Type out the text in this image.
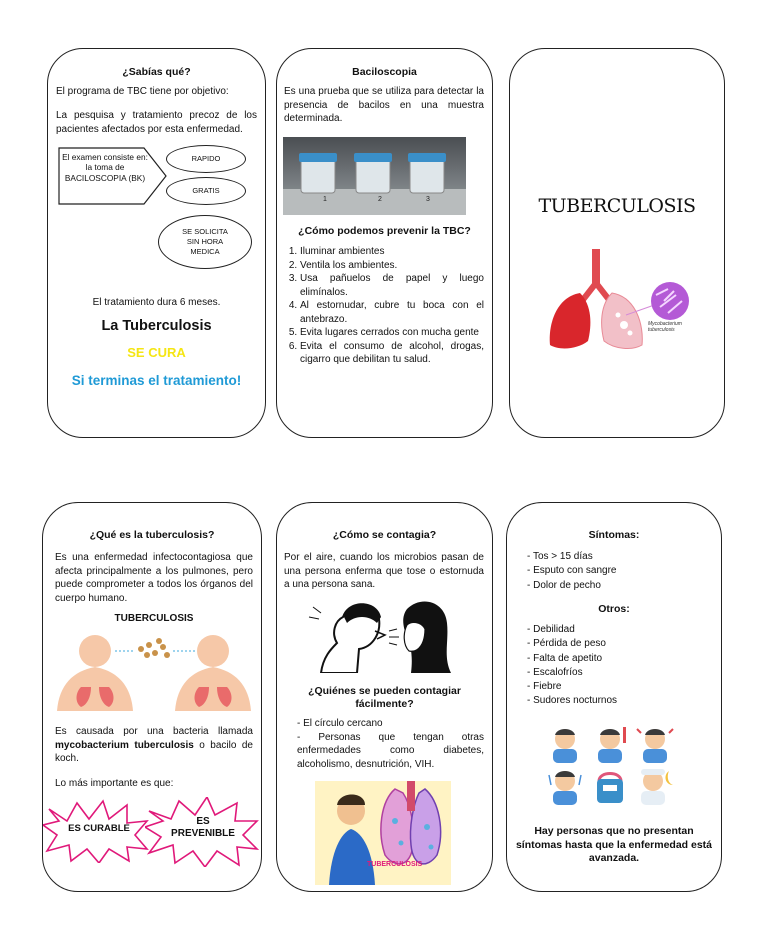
¿Sabías qué?
El programa de TBC tiene por objetivo:
La pesquisa y tratamiento precoz de los pacientes afectados por esta enfermedad.
El examen consiste en: la toma de BACILOSCOPIA (BK)
RAPIDO
GRATIS
SE SOLICITA SIN HORA MEDICA
El tratamiento dura 6 meses.
La Tuberculosis
SE CURA
Si terminas el tratamiento!
Baciloscopia
Es una prueba que se utiliza para detectar la presencia de bacilos en una muestra determinada.
1	2	3
¿Cómo podemos prevenir la TBC?
1. Iluminar ambientes
2. Ventila los ambientes.
3. Usa pañuelos de papel y luego elimínalos.
4. Al estornudar, cubre tu boca con el antebrazo.
5. Evita lugares cerrados con mucha gente
6. Evita el consumo de alcohol, drogas, cigarro que debilitan tu salud.
TUBERCULOSIS
Mycobacterium tuberculosis
¿Qué es la tuberculosis?
Es una enfermedad infectocontagiosa que afecta principalmente a los pulmones, pero puede comprometer a todos los órganos del cuerpo humano.
TUBERCULOSIS
Es causada por una bacteria llamada mycobacterium tuberculosis o bacilo de koch.
Lo más importante es que:
ES CURABLE
ES
PREVENIBLE
¿Cómo se contagia?
Por el aire, cuando los microbios pasan de una persona enferma que tose o estornuda a una persona sana.
¿Quiénes se pueden contagiar fácilmente?
- El círculo cercano
- Personas que tengan otras enfermedades como diabetes, alcoholismo, desnutrición, VIH.
TUBERCULOSIS
Síntomas:
- Tos > 15 días
- Esputo con sangre
- Dolor de pecho
Otros:
- Debilidad
- Pérdida de peso
- Falta de apetito
- Escalofríos
- Fiebre
- Sudores nocturnos
Hay personas que no presentan síntomas hasta que la enfermedad está avanzada.
